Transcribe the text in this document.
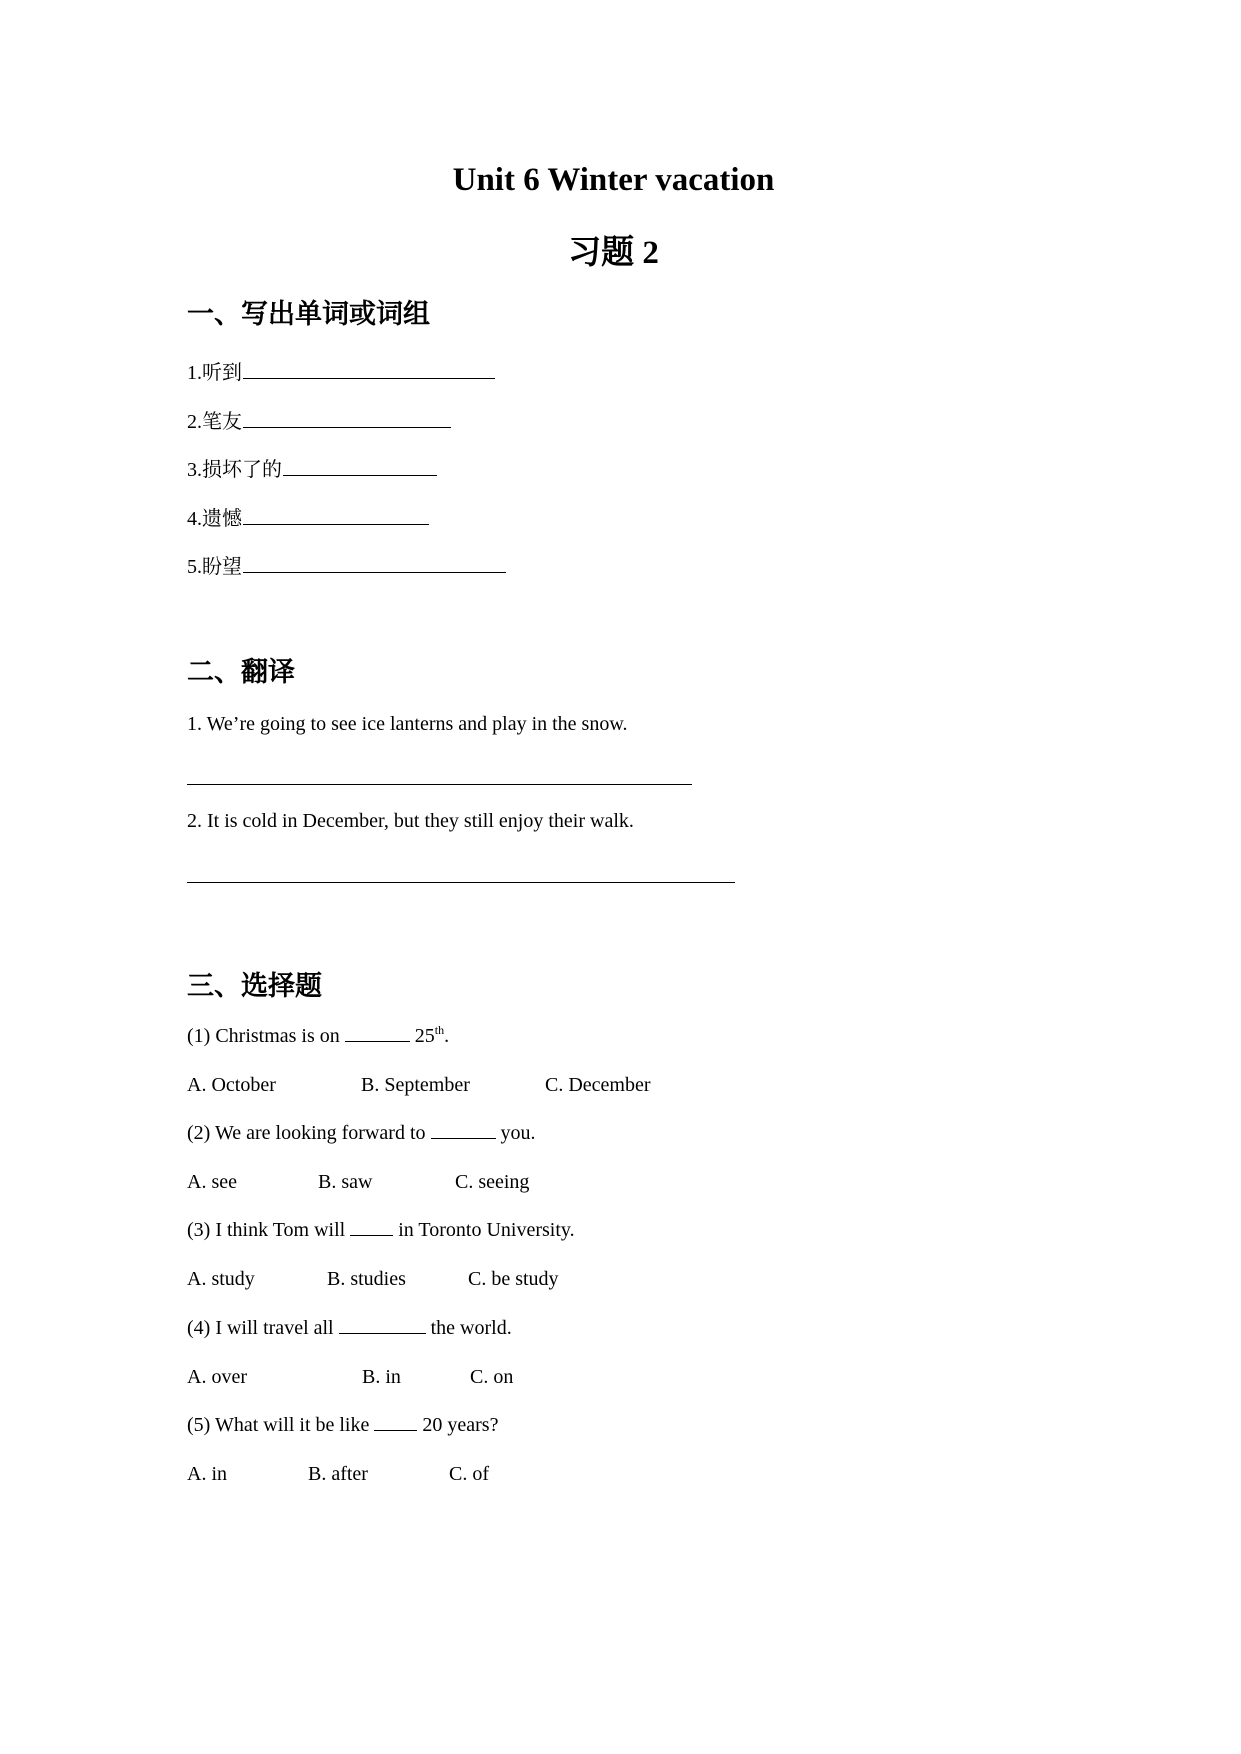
Unit 6 Winter vacation
习题 2
一、写出单词或词组
1.听到
2.笔友
3.损坏了的
4.遗憾
5.盼望
二、翻译
1. We’re going to see ice lanterns and play in the snow.
2. It is cold in December, but they still enjoy their walk.
三、选择题
(1) Christmas is on	25th.
A. October	B. September	C. December
(2) We are looking forward to	you.
A. see	B. saw	C. seeing
(3) I think Tom will	in Toronto University.
A. study	B. studies	C. be study
(4) I will travel all	the world.
A. over	B. in	C. on
(5) What will it be like	20 years?
A. in	B. after	C. of
